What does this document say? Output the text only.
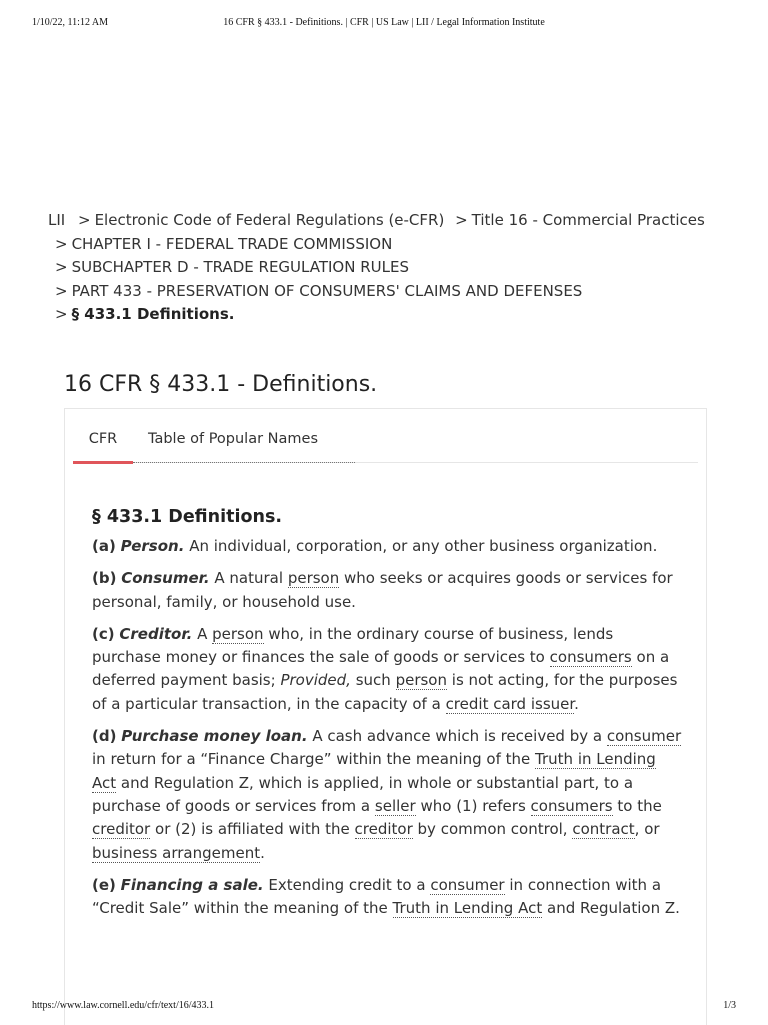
1/10/22, 11:12 AM	16 CFR § 433.1 - Definitions. | CFR | US Law | LII / Legal Information Institute
LII > Electronic Code of Federal Regulations (e-CFR) > Title 16 - Commercial Practices
> CHAPTER I - FEDERAL TRADE COMMISSION
> SUBCHAPTER D - TRADE REGULATION RULES
> PART 433 - PRESERVATION OF CONSUMERS' CLAIMS AND DEFENSES
> § 433.1 Definitions.
16 CFR § 433.1 - Definitions.
CFR	Table of Popular Names
§ 433.1 Definitions.

(a) Person. An individual, corporation, or any other business organization.

(b) Consumer. A natural person who seeks or acquires goods or services for personal, family, or household use.

(c) Creditor. A person who, in the ordinary course of business, lends purchase money or finances the sale of goods or services to consumers on a deferred payment basis; Provided, such person is not acting, for the purposes of a particular transaction, in the capacity of a credit card issuer.

(d) Purchase money loan. A cash advance which is received by a consumer in return for a “Finance Charge” within the meaning of the Truth in Lending Act and Regulation Z, which is applied, in whole or substantial part, to a purchase of goods or services from a seller who (1) refers consumers to the creditor or (2) is affiliated with the creditor by common control, contract, or business arrangement.

(e) Financing a sale. Extending credit to a consumer in connection with a “Credit Sale” within the meaning of the Truth in Lending Act and Regulation Z.

https://www.law.cornell.edu/cfr/text/16/433.1	1/3
